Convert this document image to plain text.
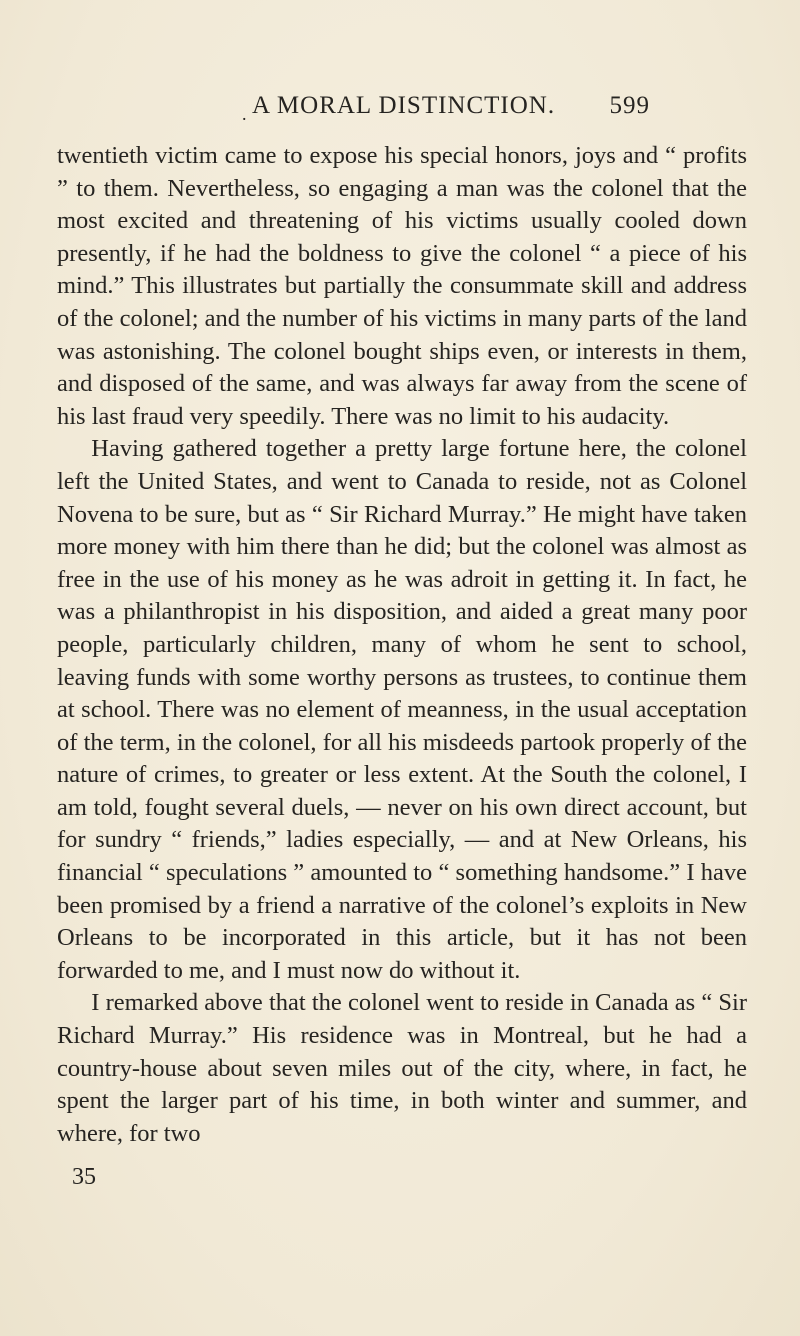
. A MORAL DISTINCTION. 599

twentieth victim came to expose his special honors, joys and “ profits ” to them. Nevertheless, so engaging a man was the colonel that the most excited and threatening of his victims usually cooled down presently, if he had the boldness to give the colonel “ a piece of his mind.” This illustrates but partially the consummate skill and address of the colonel; and the number of his victims in many parts of the land was astonishing. The colonel bought ships even, or interests in them, and disposed of the same, and was always far away from the scene of his last fraud very speedily. There was no limit to his audacity.

Having gathered together a pretty large fortune here, the colonel left the United States, and went to Canada to reside, not as Colonel Novena to be sure, but as “ Sir Richard Murray.” He might have taken more money with him there than he did; but the colonel was almost as free in the use of his money as he was adroit in getting it. In fact, he was a philanthropist in his disposition, and aided a great many poor people, particularly children, many of whom he sent to school, leaving funds with some worthy persons as trustees, to continue them at school. There was no element of meanness, in the usual acceptation of the term, in the colonel, for all his misdeeds partook properly of the nature of crimes, to greater or less extent. At the South the colonel, I am told, fought several duels, — never on his own direct account, but for sundry “ friends,” ladies especially, — and at New Orleans, his financial “ speculations ” amounted to “ something handsome.” I have been promised by a friend a narrative of the colonel’s exploits in New Orleans to be incorporated in this article, but it has not been forwarded to me, and I must now do without it.

I remarked above that the colonel went to reside in Canada as “ Sir Richard Murray.” His residence was in Montreal, but he had a country-house about seven miles out of the city, where, in fact, he spent the larger part of his time, in both winter and summer, and where, for two

35
